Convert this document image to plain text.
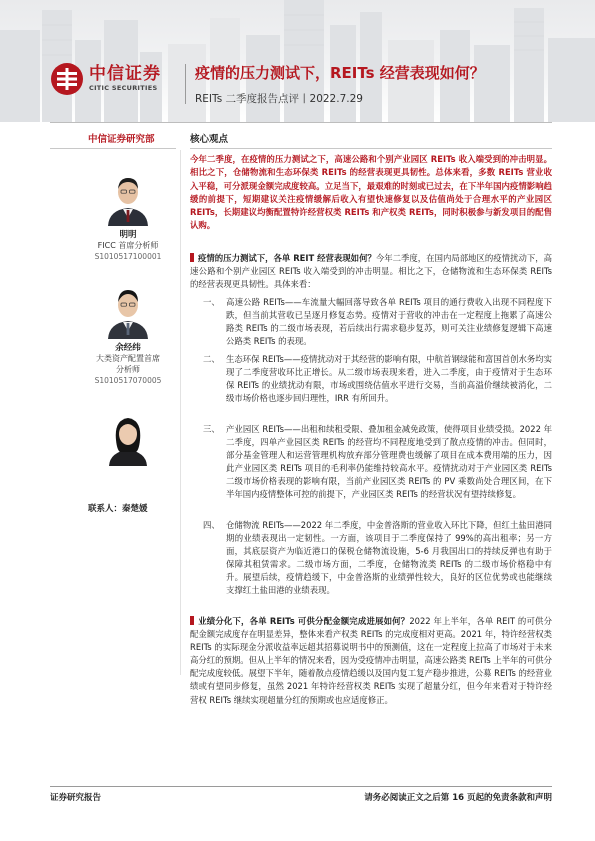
中信证券
CITIC SECURITIES
疫情的压力测试下，REITs 经营表现如何？
REITs 二季度报告点评丨2022.7.29
中信证券研究部	核心观点
明明
FICC 首席分析师
S1010517100001
余经纬
大类资产配置首席
分析师
S1010517070005
联系人：秦楚媛
今年二季度，在疫情的压力测试之下，高速公路和个别产业园区 REITs 收入端受到的冲击明显。相比之下，仓储物流和生态环保类 REITs 的经营表现更具韧性。总体来看，多数 REITs 营业收入平稳，可分派现金额完成度较高。立足当下，最艰难的时刻或已过去，在下半年国内疫情影响趋缓的前提下，短期建议关注疫情缓解后收入有望快速修复以及估值尚处于合理水平的产业园区 REITs，长期建议均衡配置特许经营权类 REITs 和产权类 REITs，同时积极参与新发项目的配售认购。
疫情的压力测试下，各单 REIT 经营表现如何？今年二季度，在国内局部地区的疫情扰动下，高速公路和个别产业园区 REITs 收入端受到的冲击明显。相比之下，仓储物流和生态环保类 REITs 的经营表现更具韧性。具体来看：
一、 高速公路 REITs——车流量大幅回落导致各单 REITs 项目的通行费收入出现不同程度下跌，但当前其营收已呈逐月修复态势。疫情对于营收的冲击在一定程度上拖累了高速公路类 REITs 的二级市场表现，若后续出行需求稳步复苏，则可关注业绩修复逻辑下高速公路类 REITs 的表现。
二、 生态环保 REITs——疫情扰动对于其经营的影响有限，中航首钢绿能和富国首创水务均实现了二季度营收环比正增长。从二级市场表现来看，进入二季度，由于疫情对于生态环保 REITs 的业绩扰动有限，市场或围绕估值水平进行交易，当前高溢价继续被消化，二级市场价格也逐步回归理性，IRR 有所回升。
三、 产业园区 REITs——出租和续租受限、叠加租金减免政策，使得项目业绩受损。2022 年二季度，四单产业园区类 REITs 的经营均不同程度地受到了散点疫情的冲击。但同时，部分基金管理人和运营管理机构放弃部分管理费也缓解了项目在成本费用端的压力，因此产业园区类 REITs 项目的毛利率仍能维持较高水平。疫情扰动对于产业园区类 REITs 二级市场价格表现的影响有限，当前产业园区类 REITs 的 PV 乘数尚处合理区间，在下半年国内疫情整体可控的前提下，产业园区类 REITs 的经营状况有望持续修复。
四、 仓储物流 REITs——2022 年二季度，中金普洛斯的营业收入环比下降，但红土盐田港同期的业绩表现出一定韧性。一方面，该项目于二季度保持了 99%的高出租率；另一方面，其底层资产为临近港口的保税仓储物流设施，5-6 月我国出口的持续反弹也有助于保障其租赁需求。二级市场方面，二季度，仓储物流类 REITs 的二级市场价格稳中有升。展望后续，疫情趋缓下，中金普洛斯的业绩弹性较大，良好的区位优势或也能继续支撑红土盐田港的业绩表现。
业绩分化下，各单 REITs 可供分配金额完成进展如何？2022 年上半年，各单 REIT 的可供分配金额完成度存在明显差异，整体来看产权类 REITs 的完成度相对更高。2021 年，特许经营权类 REITs 的实际现金分派收益率远超其招募说明书中的预测值，这在一定程度上拉高了市场对于未来高分红的预期。但从上半年的情况来看，因为受疫情冲击明显，高速公路类 REITs 上半年的可供分配完成度较低。展望下半年，随着散点疫情趋缓以及国内复工复产稳步推进，公募 REITs 的经营业绩或有望同步修复，虽然 2021 年特许经营权类 REITs 实现了超量分红，但今年来看对于特许经营权 REITs 继续实现超量分红的预期或也应适度修正。
证券研究报告	请务必阅读正文之后第 16 页起的免责条款和声明
